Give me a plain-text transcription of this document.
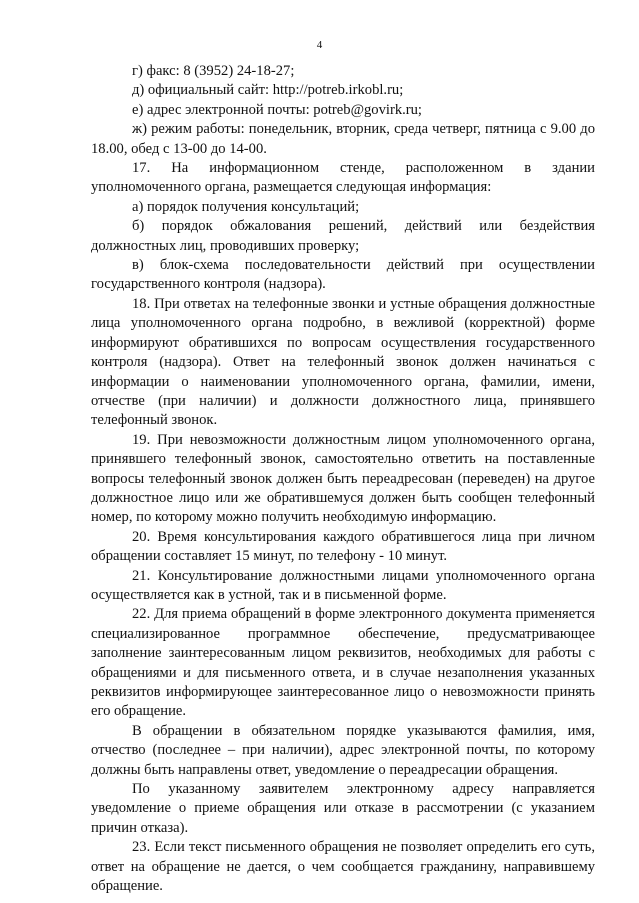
4

г) факс: 8 (3952) 24-18-27;

д) официальный сайт: http://potreb.irkobl.ru;

е) адрес электронной почты: potreb@govirk.ru;

ж) режим работы: понедельник, вторник, среда четверг, пятница с 9.00 до 18.00, обед с 13-00 до 14-00.

17. На информационном стенде, расположенном в здании уполномоченного органа, размещается следующая информация:

а) порядок получения консультаций;

б) порядок обжалования решений, действий или бездействия должностных лиц, проводивших проверку;

в) блок-схема последовательности действий при осуществлении государственного контроля (надзора).

18. При ответах на телефонные звонки и устные обращения должностные лица уполномоченного органа подробно, в вежливой (корректной) форме информируют обратившихся по вопросам осуществления государственного контроля (надзора). Ответ на телефонный звонок должен начинаться с информации о наименовании уполномоченного органа, фамилии, имени, отчестве (при наличии) и должности должностного лица, принявшего телефонный звонок.

19. При невозможности должностным лицом уполномоченного органа, принявшего телефонный звонок, самостоятельно ответить на поставленные вопросы телефонный звонок должен быть переадресован (переведен) на другое должностное лицо или же обратившемуся должен быть сообщен телефонный номер, по которому можно получить необходимую информацию.

20. Время консультирования каждого обратившегося лица при личном обращении составляет 15 минут, по телефону - 10 минут.

21. Консультирование должностными лицами уполномоченного органа осуществляется как в устной, так и в письменной форме.

22. Для приема обращений в форме электронного документа применяется специализированное программное обеспечение, предусматривающее заполнение заинтересованным лицом реквизитов, необходимых для работы с обращениями и для письменного ответа, и в случае незаполнения указанных реквизитов информирующее заинтересованное лицо о невозможности принять его обращение.

В обращении в обязательном порядке указываются фамилия, имя, отчество (последнее – при наличии), адрес электронной почты, по которому должны быть направлены ответ, уведомление о переадресации обращения.

По указанному заявителем электронному адресу направляется уведомление о приеме обращения или отказе в рассмотрении (с указанием причин отказа).

23. Если текст письменного обращения не позволяет определить его суть, ответ на обращение не дается, о чем сообщается гражданину, направившему обращение.
